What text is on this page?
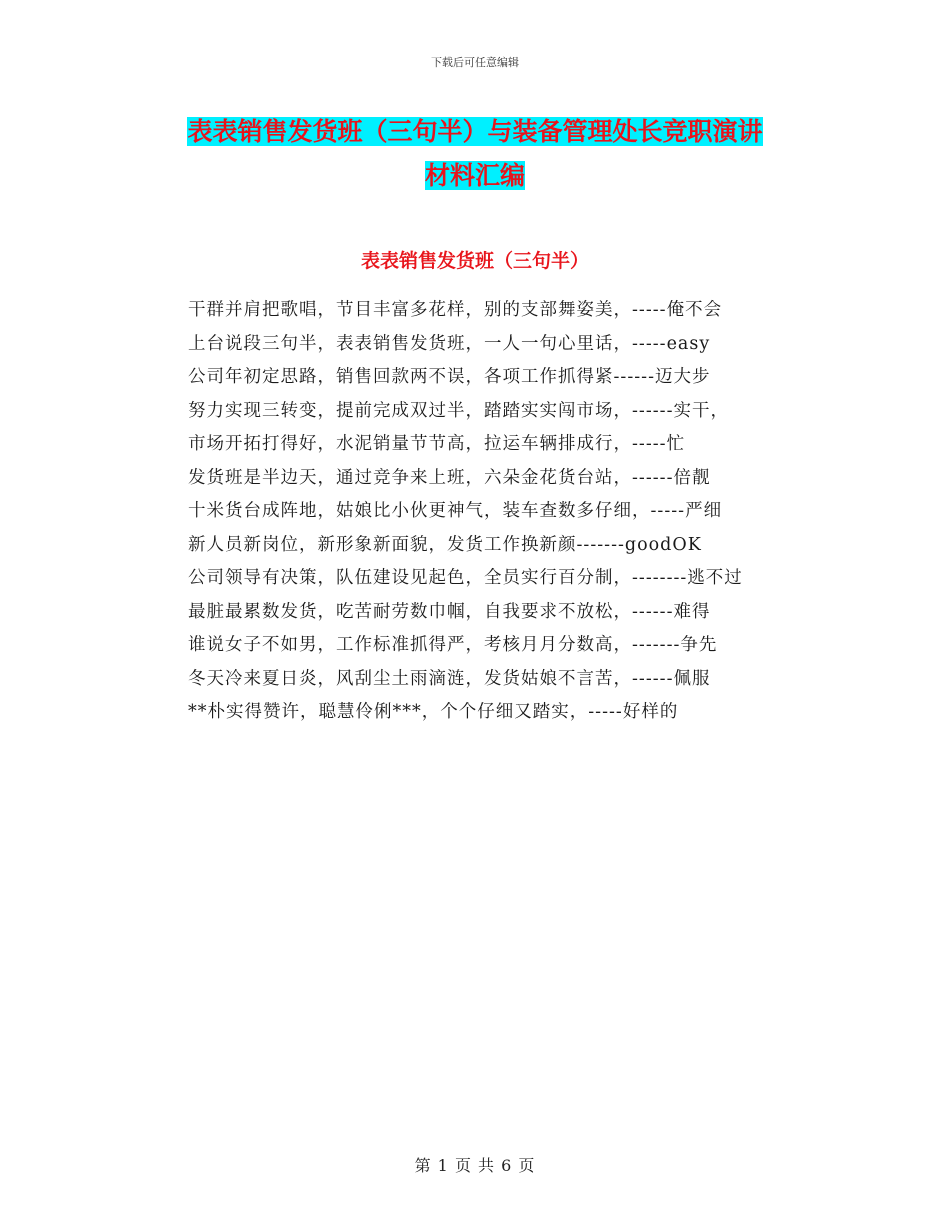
下载后可任意编辑
表表销售发货班（三句半）与装备管理处长竞职演讲
材料汇编
表表销售发货班（三句半）

干群并肩把歌唱，节目丰富多花样，别的支部舞姿美，-----俺不会

上台说段三句半，表表销售发货班，一人一句心里话，-----easy

公司年初定思路，销售回款两不误，各项工作抓得紧------迈大步

努力实现三转变，提前完成双过半，踏踏实实闯市场，------实干，

市场开拓打得好，水泥销量节节高，拉运车辆排成行，-----忙

发货班是半边天，通过竞争来上班，六朵金花货台站，------倍靓

十米货台成阵地，姑娘比小伙更神气，装车查数多仔细，-----严细

新人员新岗位，新形象新面貌，发货工作换新颜-------goodOK

公司领导有决策，队伍建设见起色，全员实行百分制，--------逃不过

最脏最累数发货，吃苦耐劳数巾帼，自我要求不放松，------难得

谁说女子不如男，工作标准抓得严，考核月月分数高，-------争先

冬天冷来夏日炎，风刮尘土雨滴涟，发货姑娘不言苦，------佩服

**朴实得赞许，聪慧伶俐***，个个仔细又踏实，-----好样的

第 1 页 共 6 页
